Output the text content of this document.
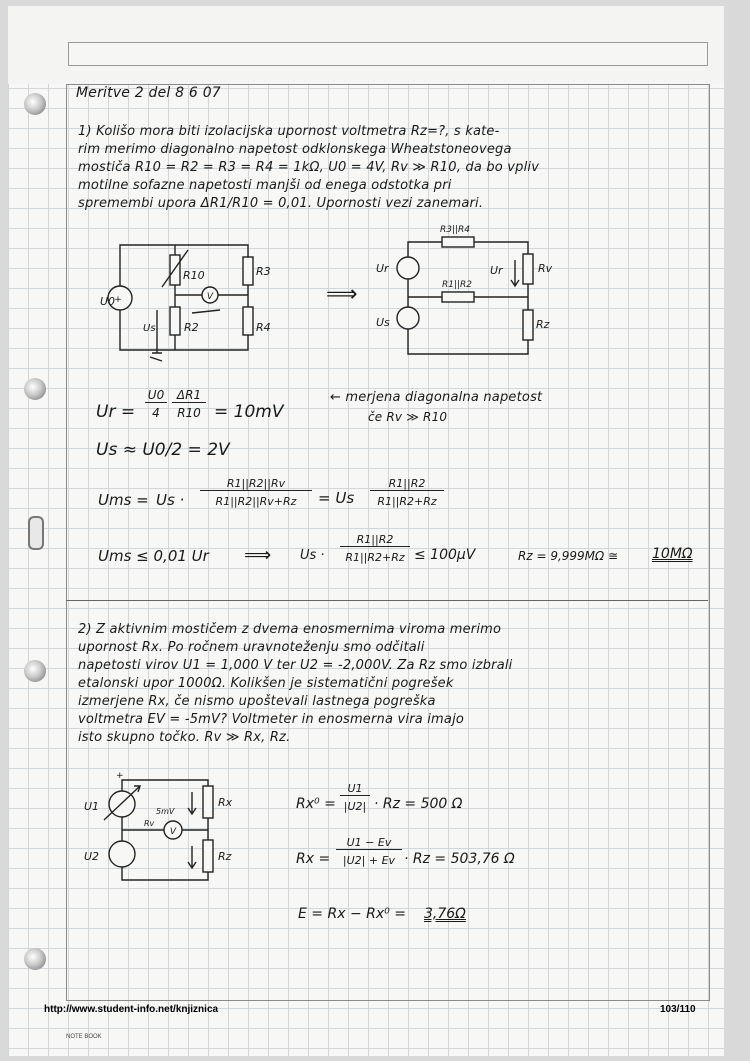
Meritve 2 del 8 6 07
1) Kolišo mora biti izolacijska upornost voltmetra Rz=?, s kate-
rim merimo diagonalno napetost odklonskega Wheatstoneovega
mostiča R10 = R2 = R3 = R4 = 1kΩ, U0 = 4V, Rv ≫ R10, da bo vpliv
motilne sofazne napetosti manjši od enega odstotka pri
spremembi upora ΔR1/R10 = 0,01. Upornosti vezi zanemari.
+
U0
R10	R3
R2	R4
V
Us
⟹
Ur
Us
R3||R4
R1||R2
Ur	Rv
Rz
Ur =
U0
4
ΔR1
R10 = 10mV
← merjena diagonalna napetost
če Rv ≫ R10
Us ≈ U0/2 = 2V
Ums = Us ·
R1||R2||Rv
R1||R2||Rv+Rz	= Us
R1||R2
R1||R2+Rz
Ums ≤ 0,01 Ur ⟹ Us ·
R1||R2
R1||R2+Rz ≤ 100μV	Rz = 9,999MΩ ≅ 10MΩ
2) Z aktivnim mostičem z dvema enosmernima viroma merimo
upornost Rx. Po ročnem uravnoteženju smo odčitali
napetosti virov U1 = 1,000 V ter U2 = -2,000V. Za Rz smo izbrali
etalonski upor 1000Ω. Kolikšen je sistematični pogrešek
izmerjene Rx, če nismo upoštevali lastnega pogreška
voltmetra EV = -5mV? Voltmeter in enosmerna vira imajo
isto skupno točko. Rv ≫ Rx, Rz.
+
U1
U2
Rx
Rz
5mV
Rv
V
Rx⁰ =
U1
|U2| · Rz = 500 Ω
Rx =
U1 − Ev
|U2| + Ev · Rz = 503,76 Ω
E = Rx − Rx⁰ = 3,76Ω
http://www.student-info.net/knjiznica	103/110
NOTE BOOK
